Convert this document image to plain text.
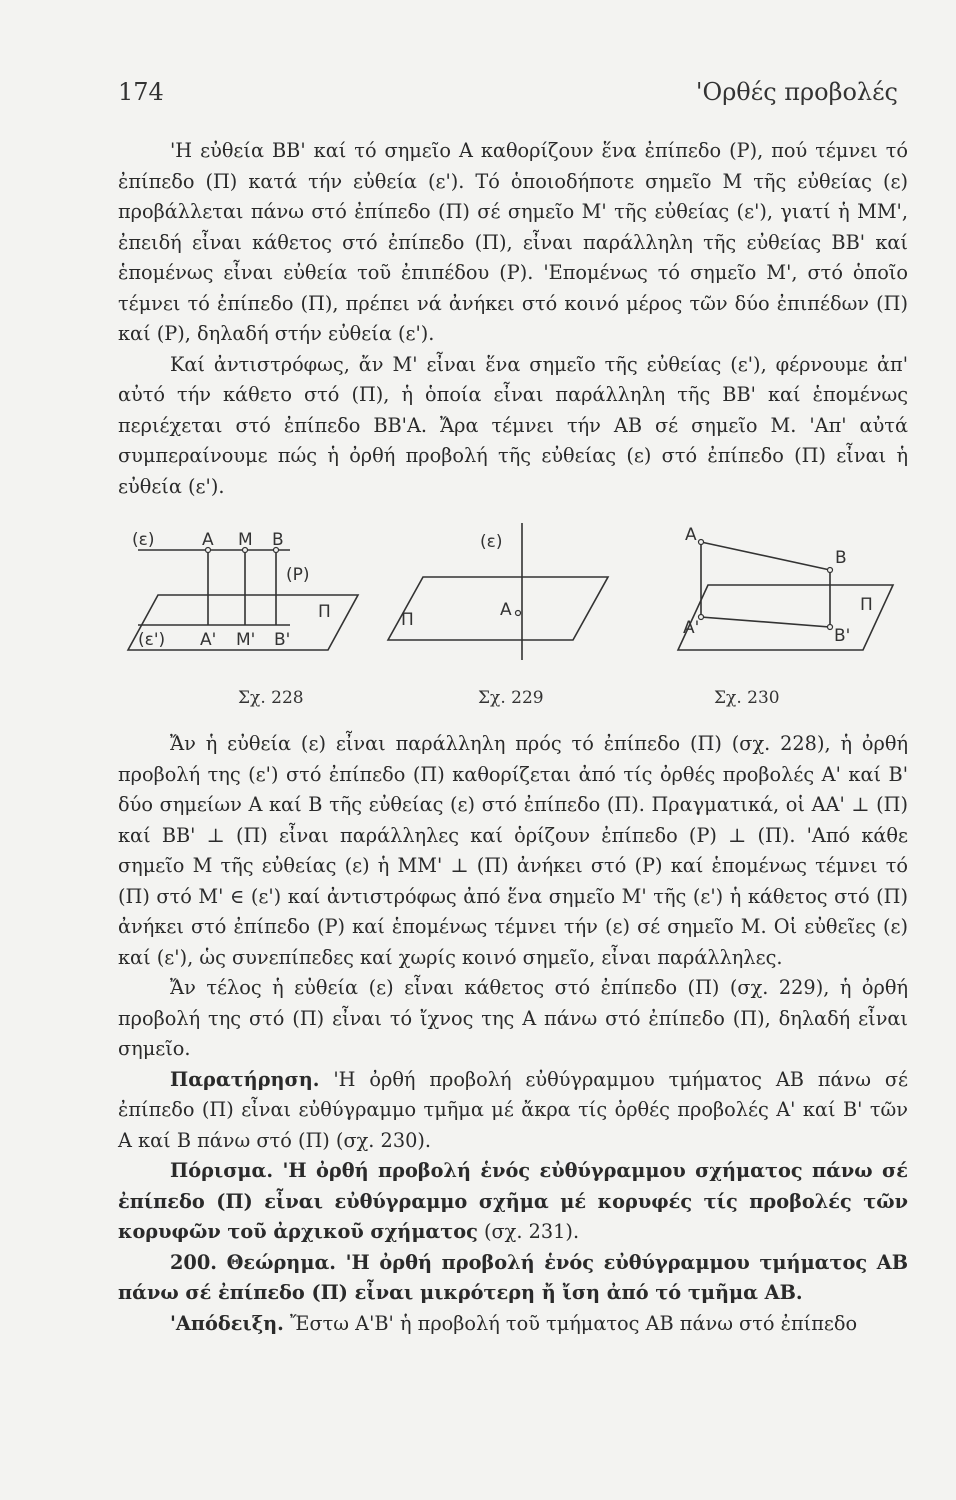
174	'Ορθές προβολές

'Η εὐθεία ΒΒ' καί τό σημεῖο Α καθορίζουν ἕνα ἐπίπεδο (Ρ), πού τέμνει τό ἐπίπεδο (Π) κατά τήν εὐθεία (ε'). Τό ὁποιοδήποτε σημεῖο Μ τῆς εὐθείας (ε) προβάλλεται πάνω στό ἐπίπεδο (Π) σέ σημεῖο Μ' τῆς εὐθείας (ε'), γιατί ἡ ΜΜ', ἐπειδή εἶναι κάθετος στό ἐπίπεδο (Π), εἶναι παράλληλη τῆς εὐθείας ΒΒ' καί ἑπομένως εἶναι εὐθεία τοῦ ἐπιπέδου (Ρ). 'Επομένως τό σημεῖο Μ', στό ὁποῖο τέμνει τό ἐπίπεδο (Π), πρέπει νά ἀνήκει στό κοινό μέρος τῶν δύο ἐπιπέδων (Π) καί (Ρ), δηλαδή στήν εὐθεία (ε').

Καί ἀντιστρόφως, ἄν Μ' εἶναι ἕνα σημεῖο τῆς εὐθείας (ε'), φέρνουμε ἀπ' αὐτό τήν κάθετο στό (Π), ἡ ὁποία εἶναι παράλληλη τῆς ΒΒ' καί ἑπομένως περιέχεται στό ἐπίπεδο ΒΒ'Α. Ἄρα τέμνει τήν ΑΒ σέ σημεῖο Μ. 'Απ' αὐτά συμπεραίνουμε πώς ἡ ὀρθή προβολή τῆς εὐθείας (ε) στό ἐπίπεδο (Π) εἶναι ἡ εὐθεία (ε').

(ε)	Α Μ Β
(Ρ)
Π
(ε') Α' Μ' Β'
Σχ. 228
(ε)
Α
Π
Σχ. 229
Α
Β
Π
Α'	Β'
Σχ. 230

Ἄν ἡ εὐθεία (ε) εἶναι παράλληλη πρός τό ἐπίπεδο (Π) (σχ. 228), ἡ ὀρθή προβολή της (ε') στό ἐπίπεδο (Π) καθορίζεται ἀπό τίς ὀρθές προβολές Α' καί Β' δύο σημείων Α καί Β τῆς εὐθείας (ε) στό ἐπίπεδο (Π). Πραγματικά, οἱ ΑΑ' ⊥ (Π) καί ΒΒ' ⊥ (Π) εἶναι παράλληλες καί ὁρίζουν ἐπίπεδο (Ρ) ⊥ (Π). 'Από κάθε σημεῖο Μ τῆς εὐθείας (ε) ἡ ΜΜ' ⊥ (Π) ἀνήκει στό (Ρ) καί ἑπομένως τέμνει τό (Π) στό Μ' ∈ (ε') καί ἀντιστρόφως ἀπό ἕνα σημεῖο Μ' τῆς (ε') ἡ κάθετος στό (Π) ἀνήκει στό ἐπίπεδο (Ρ) καί ἑπομένως τέμνει τήν (ε) σέ σημεῖο Μ. Οἱ εὐθεῖες (ε) καί (ε'), ὡς συνεπίπεδες καί χωρίς κοινό σημεῖο, εἶναι παράλληλες.

Ἄν τέλος ἡ εὐθεία (ε) εἶναι κάθετος στό ἐπίπεδο (Π) (σχ. 229), ἡ ὀρθή προβολή της στό (Π) εἶναι τό ἴχνος της Α πάνω στό ἐπίπεδο (Π), δηλαδή εἶναι σημεῖο.

Παρατήρηση. 'Η ὀρθή προβολή εὐθύγραμμου τμήματος ΑΒ πάνω σέ ἐπίπεδο (Π) εἶναι εὐθύγραμμο τμῆμα μέ ἄκρα τίς ὀρθές προβολές Α' καί Β' τῶν Α καί Β πάνω στό (Π) (σχ. 230).

Πόρισμα. 'Η ὀρθή προβολή ἑνός εὐθύγραμμου σχήματος πάνω σέ ἐπίπεδο (Π) εἶναι εὐθύγραμμο σχῆμα μέ κορυφές τίς προβολές τῶν κορυφῶν τοῦ ἀρχικοῦ σχήματος (σχ. 231).

200. Θεώρημα. 'Η ὀρθή προβολή ἑνός εὐθύγραμμου τμήματος ΑΒ πάνω σέ ἐπίπεδο (Π) εἶναι μικρότερη ἤ ἴση ἀπό τό τμῆμα ΑΒ.

'Απόδειξη. Ἔστω Α'Β' ἡ προβολή τοῦ τμήματος ΑΒ πάνω στό ἐπίπεδο
